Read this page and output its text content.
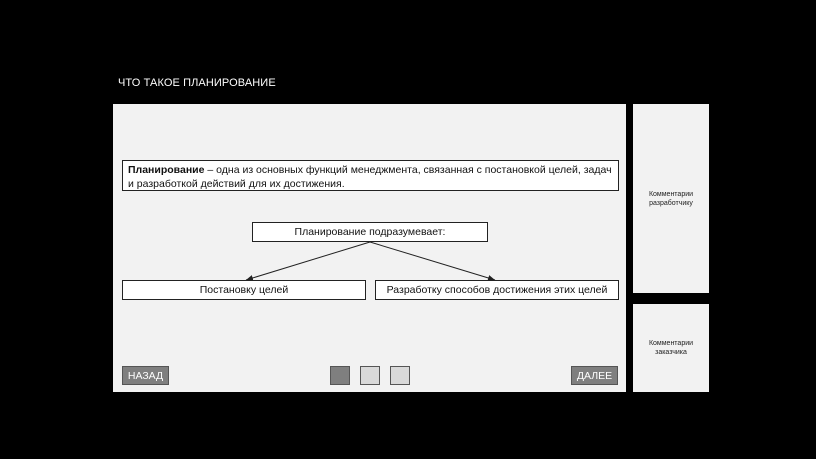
ЧТО ТАКОЕ ПЛАНИРОВАНИЕ
Планирование – одна из основных функций менеджмента, связанная с постановкой целей, задач и разработкой действий для их достижения.
Планирование подразумевает:
Постановку целей	Разработку способов достижения этих целей
НАЗАД	ДАЛЕЕ
Комментарии разработчику
Комментарии заказчика
